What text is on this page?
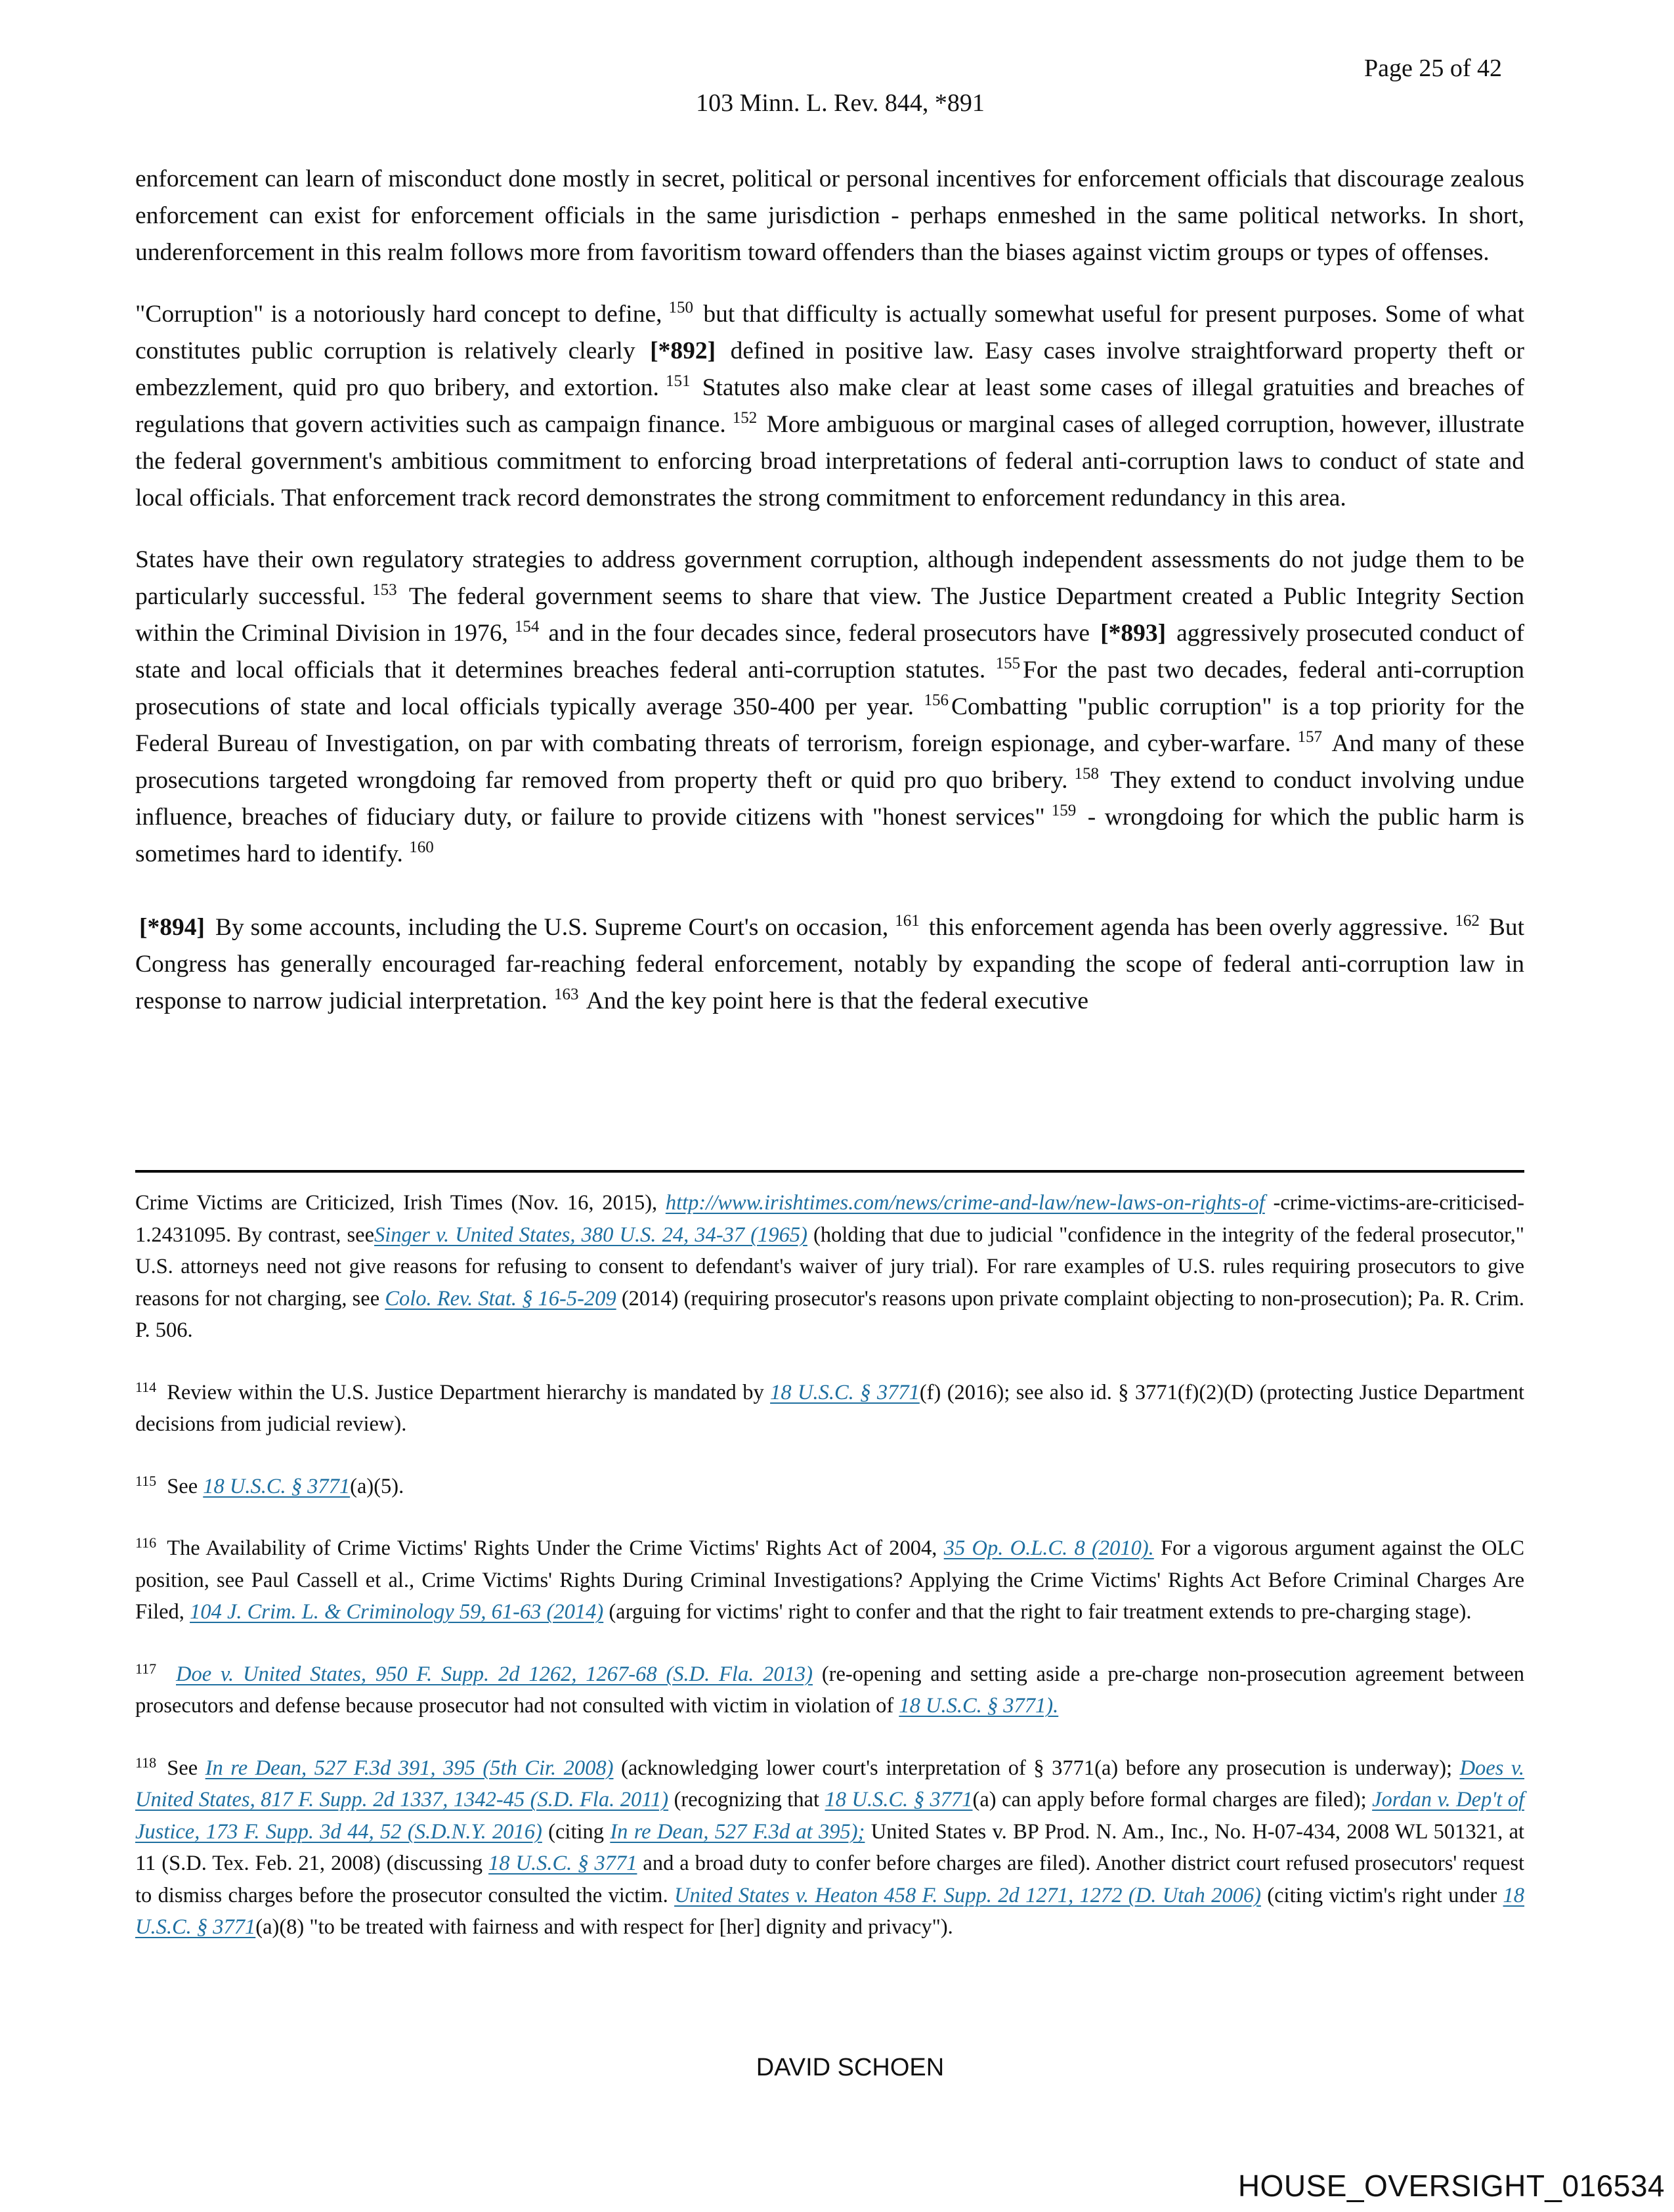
Page 25 of 42
103 Minn. L. Rev. 844, *891

enforcement can learn of misconduct done mostly in secret, political or personal incentives for enforcement officials that discourage zealous enforcement can exist for enforcement officials in the same jurisdiction - perhaps enmeshed in the same political networks. In short, underenforcement in this realm follows more from favoritism toward offenders than the biases against victim groups or types of offenses.

"Corruption" is a notoriously hard concept to define, $^{150}$ but that difficulty is actually somewhat useful for present purposes. Some of what constitutes public corruption is relatively clearly [*892] defined in positive law. Easy cases involve straightforward property theft or embezzlement, quid pro quo bribery, and extortion. $^{151}$ Statutes also make clear at least some cases of illegal gratuities and breaches of regulations that govern activities such as campaign finance. $^{152}$ More ambiguous or marginal cases of alleged corruption, however, illustrate the federal government's ambitious commitment to enforcing broad interpretations of federal anti-corruption laws to conduct of state and local officials. That enforcement track record demonstrates the strong commitment to enforcement redundancy in this area.

States have their own regulatory strategies to address government corruption, although independent assessments do not judge them to be particularly successful. $^{153}$ The federal government seems to share that view. The Justice Department created a Public Integrity Section within the Criminal Division in 1976, $^{154}$ and in the four decades since, federal prosecutors have [*893] aggressively prosecuted conduct of state and local officials that it determines breaches federal anti-corruption statutes. $^{155}$ For the past two decades, federal anti-corruption prosecutions of state and local officials typically average 350-400 per year. $^{156}$ Combatting "public corruption" is a top priority for the Federal Bureau of Investigation, on par with combating threats of terrorism, foreign espionage, and cyber-warfare. $^{157}$ And many of these prosecutions targeted wrongdoing far removed from property theft or quid pro quo bribery. $^{158}$ They extend to conduct involving undue influence, breaches of fiduciary duty, or failure to provide citizens with "honest services" $^{159}$ - wrongdoing for which the public harm is sometimes hard to identify. $^{160}$

[*894] By some accounts, including the U.S. Supreme Court's on occasion, $^{161}$ this enforcement agenda has been overly aggressive. $^{162}$ But Congress has generally encouraged far-reaching federal enforcement, notably by expanding the scope of federal anti-corruption law in response to narrow judicial interpretation. $^{163}$ And the key point here is that the federal executive

Crime Victims are Criticized, Irish Times (Nov. 16, 2015), http://www.irishtimes.com/news/crime-and-law/new-laws-on-rights-of -crime-victims-are-criticised-1.2431095. By contrast, seeSinger v. United States, 380 U.S. 24, 34-37 (1965) (holding that due to judicial "confidence in the integrity of the federal prosecutor," U.S. attorneys need not give reasons for refusing to consent to defendant's waiver of jury trial). For rare examples of U.S. rules requiring prosecutors to give reasons for not charging, see Colo. Rev. Stat. § 16-5-209 (2014) (requiring prosecutor's reasons upon private complaint objecting to non-prosecution); Pa. R. Crim. P. 506.

$^{114}$ Review within the U.S. Justice Department hierarchy is mandated by 18 U.S.C. § 3771(f) (2016); see also id. § 3771(f)(2)(D) (protecting Justice Department decisions from judicial review).

$^{115}$ See 18 U.S.C. § 3771(a)(5).

$^{116}$ The Availability of Crime Victims' Rights Under the Crime Victims' Rights Act of 2004, 35 Op. O.L.C. 8 (2010). For a vigorous argument against the OLC position, see Paul Cassell et al., Crime Victims' Rights During Criminal Investigations? Applying the Crime Victims' Rights Act Before Criminal Charges Are Filed, 104 J. Crim. L. & Criminology 59, 61-63 (2014) (arguing for victims' right to confer and that the right to fair treatment extends to pre-charging stage).

$^{117}$ Doe v. United States, 950 F. Supp. 2d 1262, 1267-68 (S.D. Fla. 2013) (re-opening and setting aside a pre-charge non-prosecution agreement between prosecutors and defense because prosecutor had not consulted with victim in violation of 18 U.S.C. § 3771).

$^{118}$ See In re Dean, 527 F.3d 391, 395 (5th Cir. 2008) (acknowledging lower court's interpretation of § 3771(a) before any prosecution is underway); Does v. United States, 817 F. Supp. 2d 1337, 1342-45 (S.D. Fla. 2011) (recognizing that 18 U.S.C. § 3771(a) can apply before formal charges are filed); Jordan v. Dep't of Justice, 173 F. Supp. 3d 44, 52 (S.D.N.Y. 2016) (citing In re Dean, 527 F.3d at 395); United States v. BP Prod. N. Am., Inc., No. H-07-434, 2008 WL 501321, at 11 (S.D. Tex. Feb. 21, 2008) (discussing 18 U.S.C. § 3771 and a broad duty to confer before charges are filed). Another district court refused prosecutors' request to dismiss charges before the prosecutor consulted the victim. United States v. Heaton 458 F. Supp. 2d 1271, 1272 (D. Utah 2006) (citing victim's right under 18 U.S.C. § 3771(a)(8) "to be treated with fairness and with respect for [her] dignity and privacy").

DAVID SCHOEN
HOUSE_OVERSIGHT_016534
